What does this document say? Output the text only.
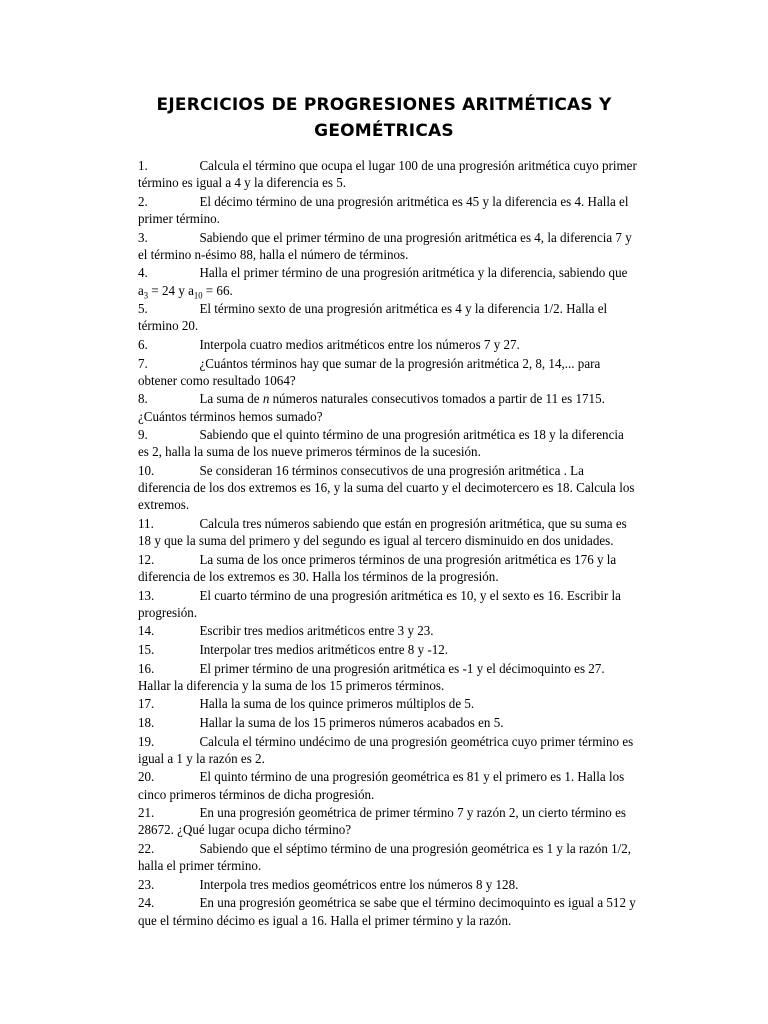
EJERCICIOS DE PROGRESIONES ARITMÉTICAS Y
GEOMÉTRICAS
1.	Calcula el término que ocupa el lugar 100 de una progresión aritmética cuyo primer término es igual a 4 y la diferencia es 5.
2.	El décimo término de una progresión aritmética es 45 y la diferencia es 4. Halla el primer término.
3.	Sabiendo que el primer término de una progresión aritmética es 4, la diferencia 7 y el término n-ésimo 88, halla el número de términos.
4.	Halla el primer término de una progresión aritmética y la diferencia, sabiendo que $a_3 = 24$ y $a_{10} = 66$.
5.	El término sexto de una progresión aritmética es 4 y la diferencia 1/2. Halla el término 20.
6.	Interpola cuatro medios aritméticos entre los números 7 y 27.
7.	¿Cuántos términos hay que sumar de la progresión aritmética 2, 8, 14,... para obtener como resultado 1064?
8.	La suma de n números naturales consecutivos tomados a partir de 11 es 1715. ¿Cuántos términos hemos sumado?
9.	Sabiendo que el quinto término de una progresión aritmética es 18 y la diferencia es 2, halla la suma de los nueve primeros términos de la sucesión.
10.	Se consideran 16 términos consecutivos de una progresión aritmética . La diferencia de los dos extremos es 16, y la suma del cuarto y el decimotercero es 18. Calcula los extremos.
11.	Calcula tres números sabiendo que están en progresión aritmética, que su suma es 18 y que la suma del primero y del segundo es igual al tercero disminuido en dos unidades.
12.	La suma de los once primeros términos de una progresión aritmética es 176 y la diferencia de los extremos es 30. Halla los términos de la progresión.
13.	El cuarto término de una progresión aritmética es 10, y el sexto es 16. Escribir la progresión.
14.	Escribir tres medios aritméticos entre 3 y 23.
15.	Interpolar tres medios aritméticos entre 8 y -12.
16.	El primer término de una progresión aritmética es -1 y el décimoquinto es 27. Hallar la diferencia y la suma de los 15 primeros términos.
17.	Halla la suma de los quince primeros múltiplos de 5.
18.	Hallar la suma de los 15 primeros números acabados en 5.
19.	Calcula el término undécimo de una progresión geométrica cuyo primer término es igual a 1 y la razón es 2.
20.	El quinto término de una progresión geométrica es 81 y el primero es 1. Halla los cinco primeros términos de dicha progresión.
21.	En una progresión geométrica de primer término 7 y razón 2, un cierto término es 28672. ¿Qué lugar ocupa dicho término?
22.	Sabiendo que el séptimo término de una progresión geométrica es 1 y la razón 1/2, halla el primer término.
23.	Interpola tres medios geométricos entre los números 8 y 128.
24.	En una progresión geométrica se sabe que el término decimoquinto es igual a 512 y que el término décimo es igual a 16. Halla el primer término y la razón.
